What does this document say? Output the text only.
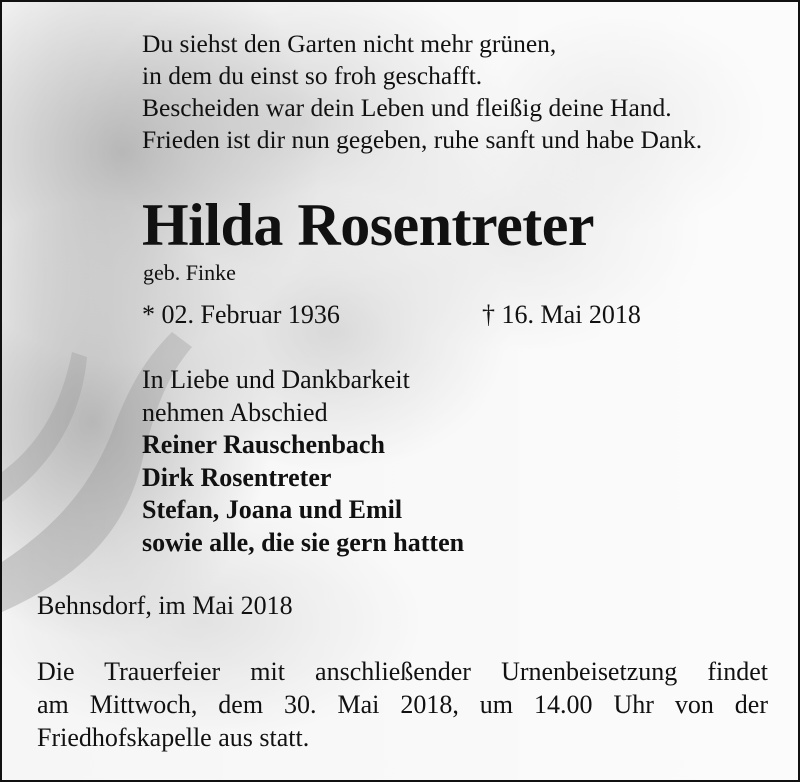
Du siehst den Garten nicht mehr grünen,
in dem du einst so froh geschafft.
Bescheiden war dein Leben und fleißig deine Hand.
Frieden ist dir nun gegeben, ruhe sanft und habe Dank.
Hilda Rosentreter
geb. Finke
* 02. Februar 1936	† 16. Mai 2018
In Liebe und Dankbarkeit
nehmen Abschied
Reiner Rauschenbach
Dirk Rosentreter
Stefan, Joana und Emil
sowie alle, die sie gern hatten
Behnsdorf, im Mai 2018
Die Trauerfeier mit anschließender Urnenbeisetzung findet
am Mittwoch, dem 30. Mai 2018, um 14.00 Uhr von der
Friedhofskapelle aus statt.
